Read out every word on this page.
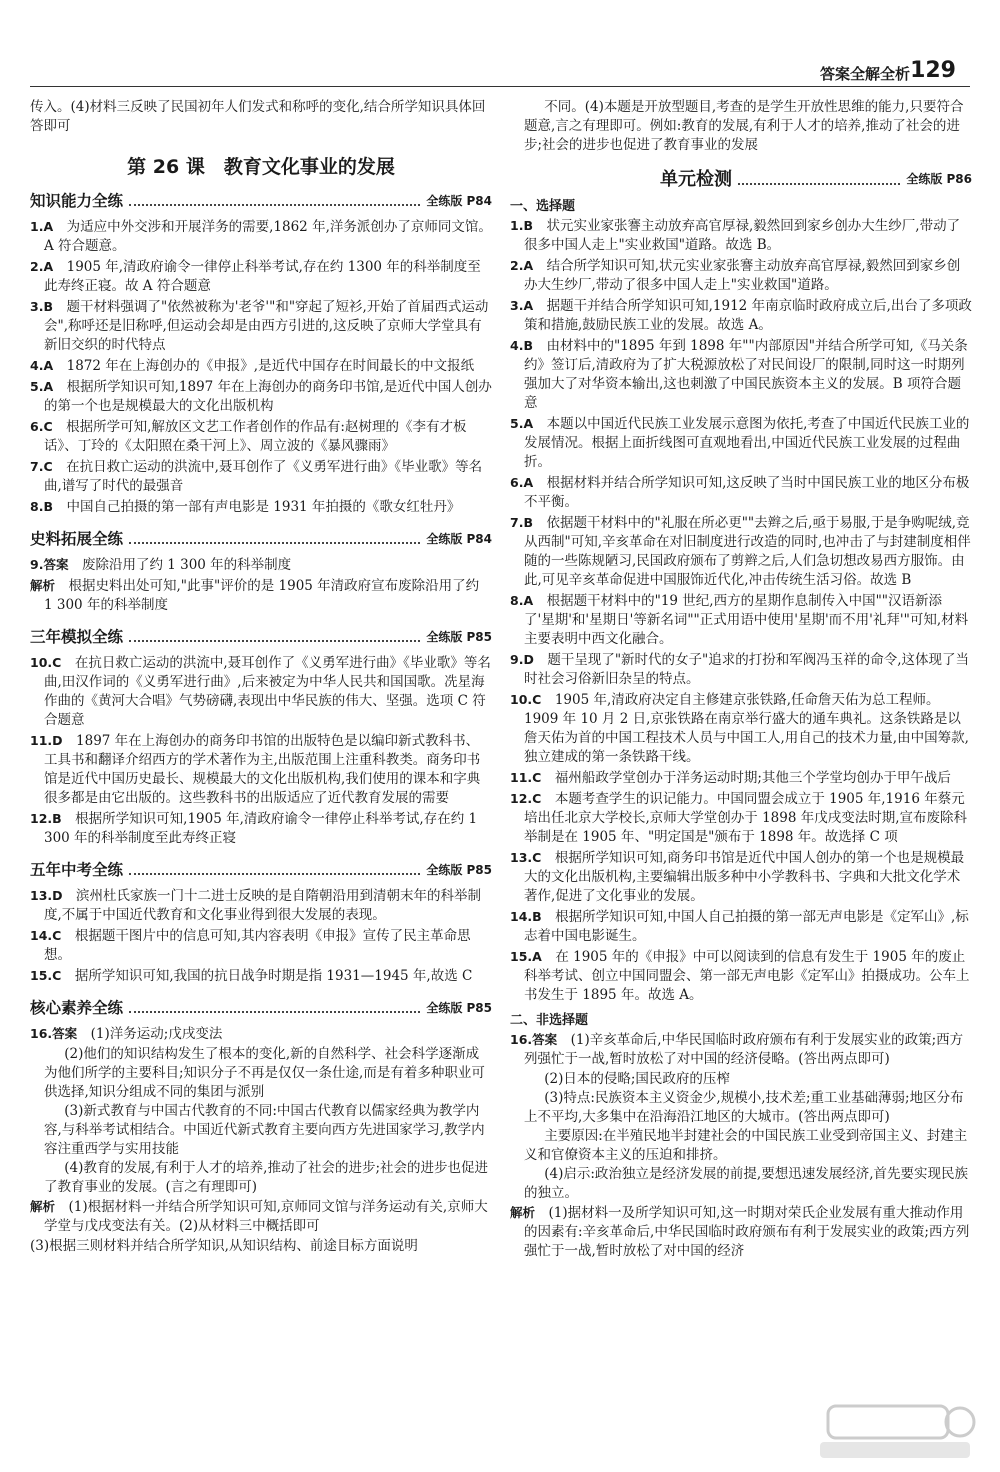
答案全解全析 129

传入。(4)材料三反映了民国初年人们发式和称呼的变化,结合所学知识具体回答即可

第 26 课　教育文化事业的发展
知识能力全练	全练版 P84

1.A　 为适应中外交涉和开展洋务的需要,1862 年,洋务派创办了京师同文馆。A 符合题意。

2.A　 1905 年,清政府谕令一律停止科举考试,存在约 1300 年的科举制度至此寿终正寝。故 A 符合题意

3.B　 题干材料强调了"依然被称为'老爷'"和"穿起了短衫,开始了首届西式运动会",称呼还是旧称呼,但运动会却是由西方引进的,这反映了京师大学堂具有新旧交织的时代特点

4.A　 1872 年在上海创办的《申报》,是近代中国存在时间最长的中文报纸

5.A　 根据所学知识可知,1897 年在上海创办的商务印书馆,是近代中国人创办的第一个也是规模最大的文化出版机构

6.C　 根据所学可知,解放区文艺工作者创作的作品有:赵树理的《李有才板话》、丁玲的《太阳照在桑干河上》、周立波的《暴风骤雨》

7.C　 在抗日救亡运动的洪流中,聂耳创作了《义勇军进行曲》《毕业歌》等名曲,谱写了时代的最强音

8.B　 中国自己拍摄的第一部有声电影是 1931 年拍摄的《歌女红牡丹》

史料拓展全练	全练版 P84

9.答案　 废除沿用了约 1 300 年的科举制度

解析　 根据史料出处可知,"此事"评价的是 1905 年清政府宣布废除沿用了约 1 300 年的科举制度

三年模拟全练	全练版 P85

10.C　 在抗日救亡运动的洪流中,聂耳创作了《义勇军进行曲》《毕业歌》等名曲,田汉作词的《义勇军进行曲》,后来被定为中华人民共和国国歌。冼星海作曲的《黄河大合唱》气势磅礴,表现出中华民族的伟大、坚强。选项 C 符合题意

11.D　 1897 年在上海创办的商务印书馆的出版特色是以编印新式教科书、工具书和翻译介绍西方的学术著作为主,出版范围上注重科教类。商务印书馆是近代中国历史最长、规模最大的文化出版机构,我们使用的课本和字典很多都是由它出版的。这些教科书的出版适应了近代教育发展的需要

12.B　 根据所学知识可知,1905 年,清政府谕令一律停止科举考试,存在约 1 300 年的科举制度至此寿终正寝

五年中考全练	全练版 P85

13.D　 滨州杜氏家族一门十二进士反映的是自隋朝沿用到清朝末年的科举制度,不属于中国近代教育和文化事业得到很大发展的表现。

14.C　 根据题干图片中的信息可知,其内容表明《申报》宣传了民主革命思想。

15.C　 据所学知识可知,我国的抗日战争时期是指 1931—1945 年,故选 C

核心素养全练	全练版 P85

16.答案　 (1)洋务运动;戊戌变法

(2)他们的知识结构发生了根本的变化,新的自然科学、社会科学逐渐成为他们所学的主要科目;知识分子不再是仅仅一条仕途,而是有着多种职业可供选择,知识分组成不同的集团与派别

(3)新式教育与中国古代教育的不同:中国古代教育以儒家经典为教学内容,与科举考试相结合。中国近代新式教育主要向西方先进国家学习,教学内容注重西学与实用技能

(4)教育的发展,有利于人才的培养,推动了社会的进步;社会的进步也促进了教育事业的发展。(言之有理即可)

解析　 (1)根据材料一并结合所学知识可知,京师同文馆与洋务运动有关,京师大学堂与戊戌变法有关。(2)从材料三中概括即可

(3)根据三则材料并结合所学知识,从知识结构、前途目标方面说明

不同。(4)本题是开放型题目,考查的是学生开放性思维的能力,只要符合题意,言之有理即可。例如:教育的发展,有利于人才的培养,推动了社会的进步;社会的进步也促进了教育事业的发展

单元检测	全练版 P86
一、选择题

1.B　 状元实业家张謇主动放弃高官厚禄,毅然回到家乡创办大生纱厂,带动了很多中国人走上"实业救国"道路。故选 B。

2.A　 结合所学知识可知,状元实业家张謇主动放弃高官厚禄,毅然回到家乡创办大生纱厂,带动了很多中国人走上"实业救国"道路。

3.A　 据题干并结合所学知识可知,1912 年南京临时政府成立后,出台了多项政策和措施,鼓励民族工业的发展。故选 A。

4.B　 由材料中的"1895 年到 1898 年""内部原因"并结合所学可知,《马关条约》签订后,清政府为了扩大税源放松了对民间设厂的限制,同时这一时期列强加大了对华资本输出,这也刺激了中国民族资本主义的发展。B 项符合题意

5.A　 本题以中国近代民族工业发展示意图为依托,考查了中国近代民族工业的发展情况。根据上面折线图可直观地看出,中国近代民族工业发展的过程曲折。

6.A　 根据材料并结合所学知识可知,这反映了当时中国民族工业的地区分布极不平衡。

7.B　 依据题干材料中的"礼服在所必更""去辫之后,亟于易服,于是争购呢绒,竞从西制"可知,辛亥革命在对旧制度进行改造的同时,也冲击了与封建制度相伴随的一些陈规陋习,民国政府颁布了剪辫之后,人们急切想改易西方服饰。由此,可见辛亥革命促进中国服饰近代化,冲击传统生活习俗。故选 B

8.A　 根据题干材料中的"19 世纪,西方的星期作息制传入中国""汉语新添了'星期'和'星期日'等新名词""正式用语中使用'星期'而不用'礼拜'"可知,材料主要表明中西文化融合。

9.D　 题干呈现了"新时代的女子"追求的打扮和军阀冯玉祥的命令,这体现了当时社会习俗新旧杂呈的特点。

10.C　 1905 年,清政府决定自主修建京张铁路,任命詹天佑为总工程师。1909 年 10 月 2 日,京张铁路在南京举行盛大的通车典礼。这条铁路是以詹天佑为首的中国工程技术人员与中国工人,用自己的技术力量,由中国筹款,独立建成的第一条铁路干线。

11.C　 福州船政学堂创办于洋务运动时期;其他三个学堂均创办于甲午战后

12.C　 本题考查学生的识记能力。中国同盟会成立于 1905 年,1916 年蔡元培出任北京大学校长,京师大学堂创办于 1898 年戊戌变法时期,宣布废除科举制是在 1905 年、"明定国是"颁布于 1898 年。故选择 C 项

13.C　 根据所学知识可知,商务印书馆是近代中国人创办的第一个也是规模最大的文化出版机构,主要编辑出版多种中小学教科书、字典和大批文化学术著作,促进了文化事业的发展。

14.B　 根据所学知识可知,中国人自己拍摄的第一部无声电影是《定军山》,标志着中国电影诞生。

15.A　 在 1905 年的《申报》中可以阅读到的信息有发生于 1905 年的废止科举考试、创立中国同盟会、第一部无声电影《定军山》拍摄成功。公车上书发生于 1895 年。故选 A。

二、非选择题

16.答案　 (1)辛亥革命后,中华民国临时政府颁布有利于发展实业的政策;西方列强忙于一战,暂时放松了对中国的经济侵略。(答出两点即可)

(2)日本的侵略;国民政府的压榨

(3)特点:民族资本主义资金少,规模小,技术差;重工业基础薄弱;地区分布上不平均,大多集中在沿海沿江地区的大城市。(答出两点即可)

主要原因:在半殖民地半封建社会的中国民族工业受到帝国主义、封建主义和官僚资本主义的压迫和排挤。

(4)启示:政治独立是经济发展的前提,要想迅速发展经济,首先要实现民族的独立。

解析　 (1)据材料一及所学知识可知,这一时期对荣氏企业发展有重大推动作用的因素有:辛亥革命后,中华民国临时政府颁布有利于发展实业的政策;西方列强忙于一战,暂时放松了对中国的经济
